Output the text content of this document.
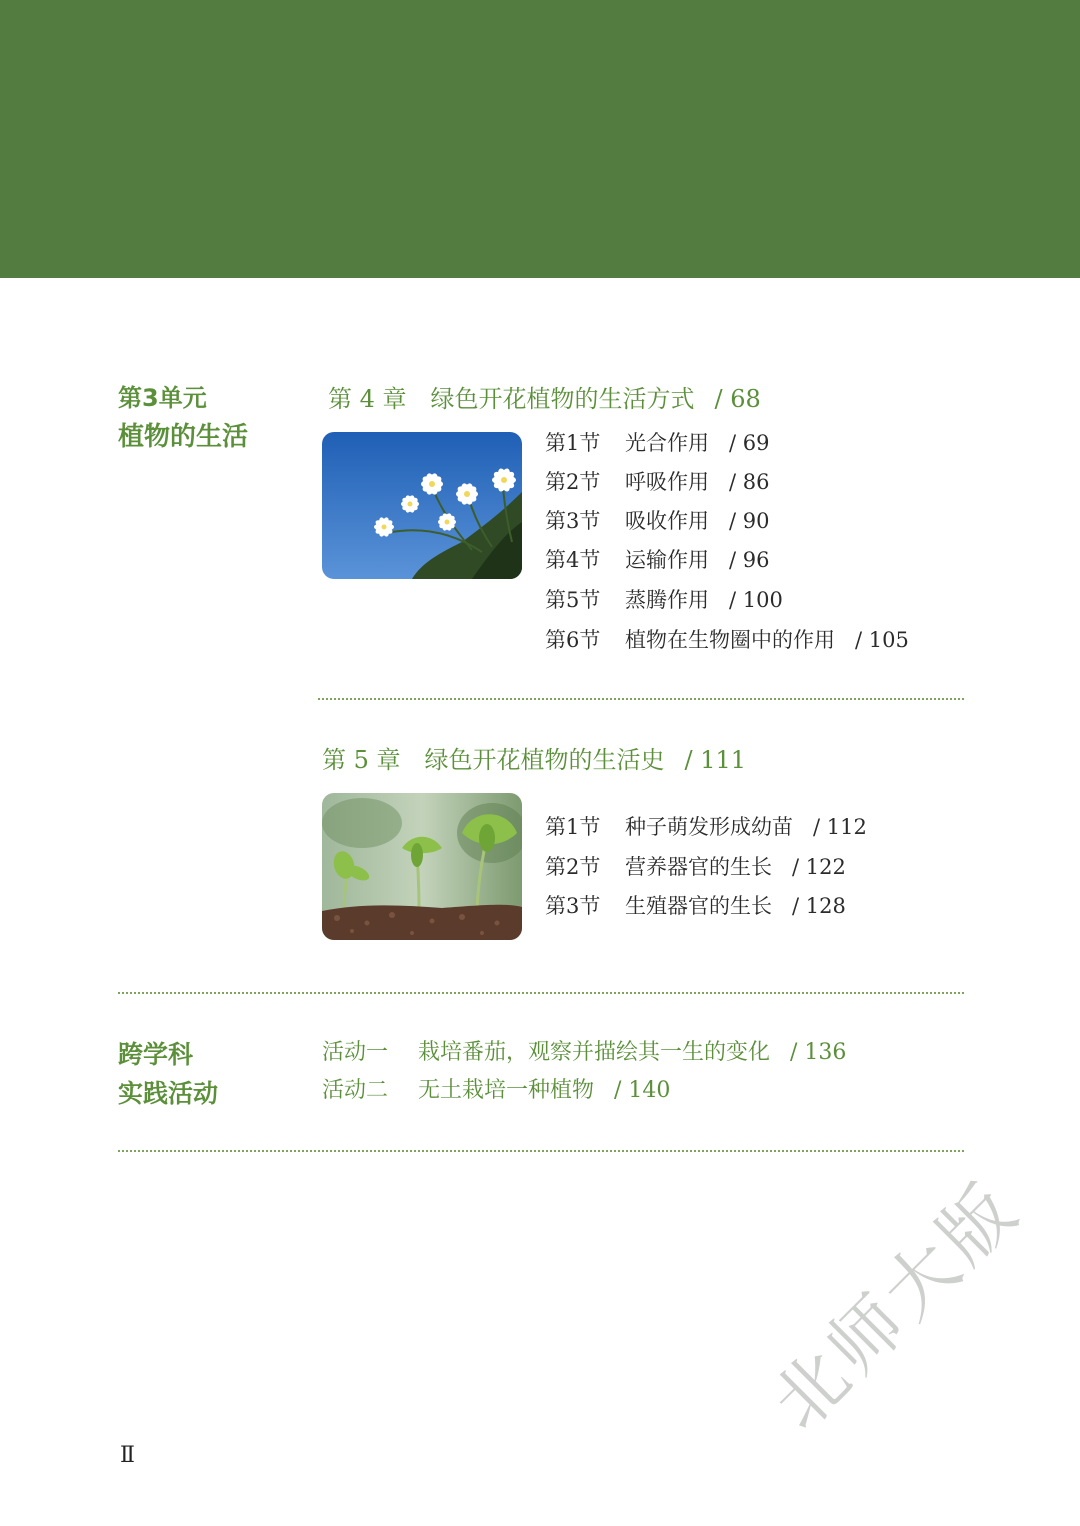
第3单元
植物的生活
第 4 章 绿色开花植物的生活方式 / 68
第1节 光合作用 / 69
第2节 呼吸作用 / 86
第3节 吸收作用 / 90
第4节 运输作用 / 96
第5节 蒸腾作用 / 100
第6节 植物在生物圈中的作用 / 105
第 5 章 绿色开花植物的生活史 / 111
第1节 种子萌发形成幼苗 / 112
第2节 营养器官的生长 / 122
第3节 生殖器官的生长 / 128
跨学科
实践活动
活动一 栽培番茄，观察并描绘其一生的变化 / 136
活动二 无土栽培一种植物 / 140
Ⅱ
北师大版
